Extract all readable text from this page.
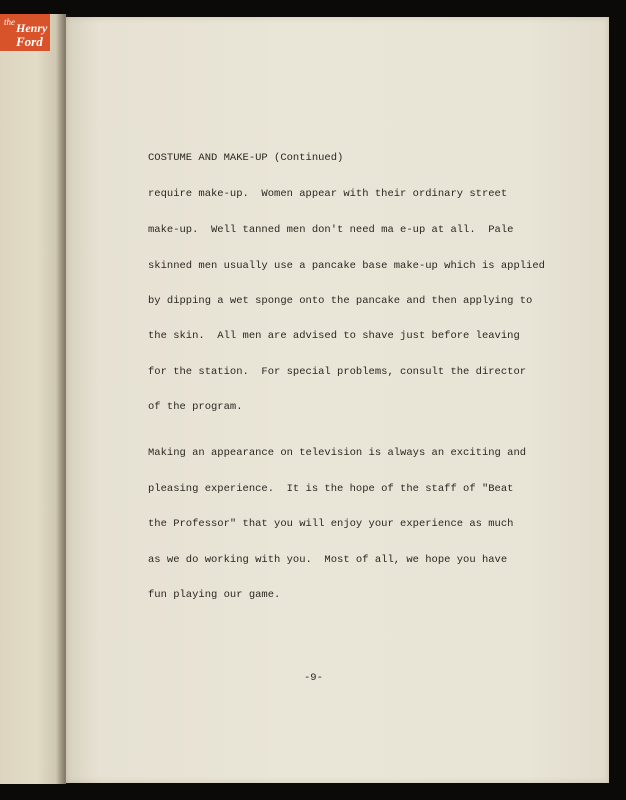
the Henry
Ford
COSTUME AND MAKE-UP (Continued)
require make-up.  Women appear with their ordinary street
make-up.  Well tanned men don't need ma e-up at all.  Pale
skinned men usually use a pancake base make-up which is applied
by dipping a wet sponge onto the pancake and then applying to
the skin.  All men are advised to shave just before leaving
for the station.  For special problems, consult the director
of the program.
Making an appearance on television is always an exciting and
pleasing experience.  It is the hope of the staff of "Beat
the Professor" that you will enjoy your experience as much
as we do working with you.  Most of all, we hope you have
fun playing our game.
-9-
